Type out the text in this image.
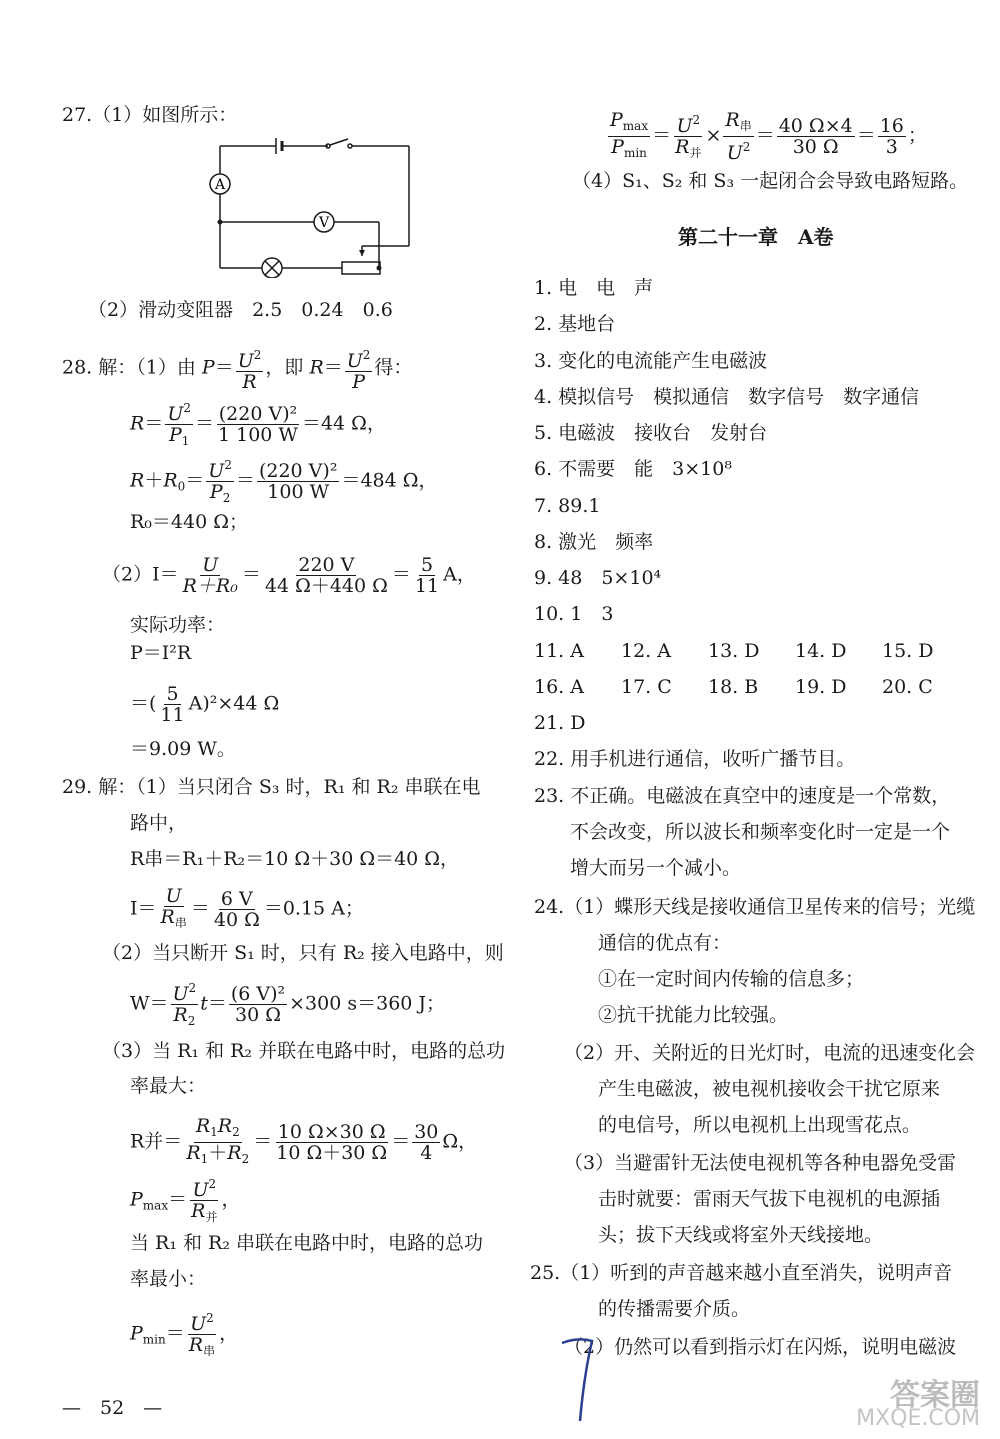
27.（1）如图所示：
A
V
（2）滑动变阻器　2.5　0.24　0.6
28. 解：（1）由 $P= \frac{U^2}{R}$ ，即 $R= \frac{U^2}{P}$ 得：
$R= \frac{U^2}{P_1} = \frac{\text{(220 V)²}}{1 100 W} =44$ Ω，
$R+R_0= \frac{U^2}{P_2} = \frac{\text{(220 V)²}}{100 W} =484$ Ω，
R₀＝440 Ω；
$(2)I= \frac{U}{\text{R＋R₀}} = \frac{220 V}{44 \Omega+440 \Omega} = \frac{5}{11}$ A，
实际功率：
P＝I²R
＝( $\frac{5}{11} A)^2\times 44$ Ω
＝9.09 W。
29. 解：（1）当只闭合 S₃ 时，R₁ 和 R₂ 串联在电
路中，
R串＝R₁＋R₂＝10 Ω＋30 Ω＝40 Ω，
$I= \frac{U}{R_串} = \frac{6 V}{40 \Omega} =0.15$ A；
（2）当只断开 S₁ 时，只有 R₂ 接入电路中，则
$W= \frac{U^2}{R_2} t= \frac{\text{(6 V)²}}{30 \Omega} \times 300$ s＝360 J；
（3）当 R₁ 和 R₂ 并联在电路中时，电路的总功
率最大：
R并＝ $\frac{R_1R_2}{R_1+R_2} = \frac{10 \Omega\times 30 \Omega}{10 \Omega+30 \Omega} = \frac{30}{4}$ Ω，
$P_{max}= \frac{U^2}{R_并}$ ，
当 R₁ 和 R₂ 串联在电路中时，电路的总功
率最小：
$P_{min}= \frac{U^2}{R_串}$ ，
$\frac{P_{max}}{P_{min}} = \frac{U^2}{R_并} \times \frac{R_串}{U^2} = \frac{40 \Omega\times 4}{30 \Omega} = \frac{16}{3}$ ；
（4）S₁、S₂ 和 S₃ 一起闭合会导致电路短路。
第二十一章　A卷
1. 电　电　声
2. 基地台
3. 变化的电流能产生电磁波
4. 模拟信号　模拟通信　数字信号　数字通信
5. 电磁波　接收台　发射台
6. 不需要　能　3×10⁸
7. 89.1
8. 激光　频率
9. 48　5×10⁴
10. 1　3
11. A 12. A 13. D 14. D 15. D
16. A 17. C 18. B 19. D 20. C
21. D
22. 用手机进行通信，收听广播节目。
23. 不正确。电磁波在真空中的速度是一个常数，
不会改变，所以波长和频率变化时一定是一个
增大而另一个减小。
24.（1）蝶形天线是接收通信卫星传来的信号；光缆
通信的优点有：
①在一定时间内传输的信息多；
②抗干扰能力比较强。
（2）开、关附近的日光灯时，电流的迅速变化会
产生电磁波，被电视机接收会干扰它原来
的电信号，所以电视机上出现雪花点。
（3）当避雷针无法使电视机等各种电器免受雷
击时就要：雷雨天气拔下电视机的电源插
头；拔下天线或将室外天线接地。
25.（1）听到的声音越来越小直至消失，说明声音
的传播需要介质。
（2）仍然可以看到指示灯在闪烁，说明电磁波
—　52　—	答案圈
MXQE.COM
